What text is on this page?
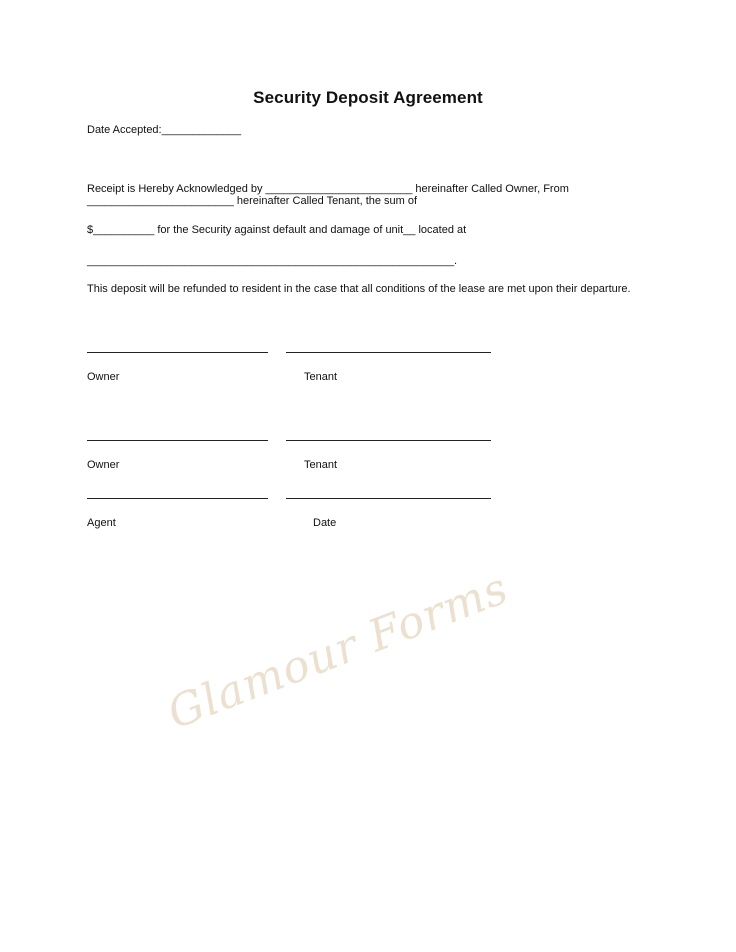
Security Deposit Agreement
Date Accepted:_____________
Receipt is Hereby Acknowledged by ________________________ hereinafter Called Owner, From
________________________ hereinafter Called Tenant, the sum of
$__________ for the Security against default and damage of unit__ located at
____________________________________________________________.
This deposit will be refunded to resident in the case that all conditions of the lease are met upon their departure.
Owner	Tenant
Owner	Tenant
Agent	Date
Glamour Forms
